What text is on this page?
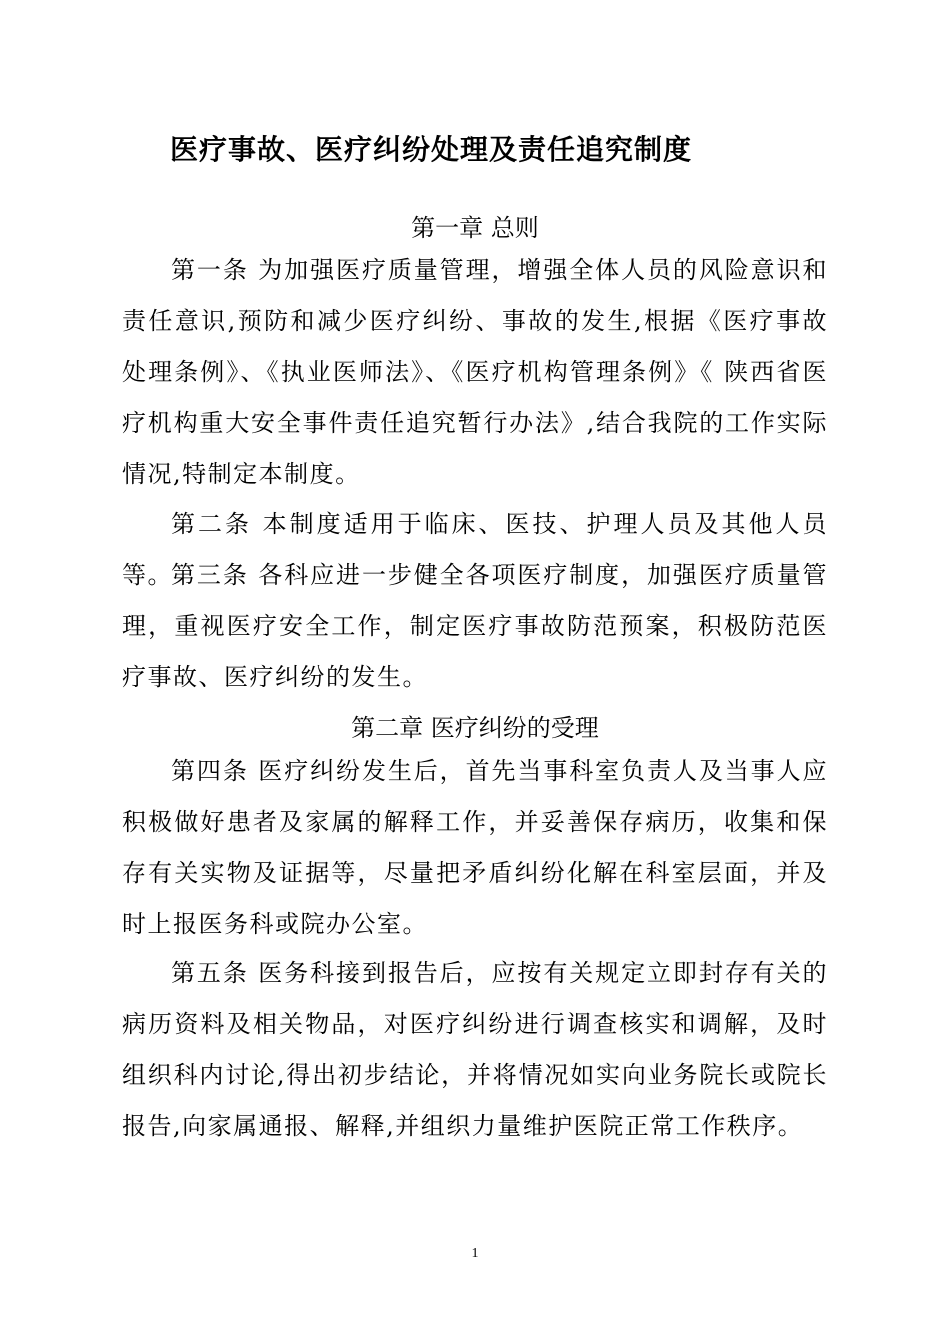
医疗事故、医疗纠纷处理及责任追究制度
第一章 总则
第一条 为加强医疗质量管理，增强全体人员的风险意识和责任意识,预防和减少医疗纠纷、事故的发生,根据《医疗事故处理条例》、《执业医师法》、《医疗机构管理条例》《 陕西省医疗机构重大安全事件责任追究暂行办法》,结合我院的工作实际情况,特制定本制度。
第二条 本制度适用于临床、医技、护理人员及其他人员等。
第三条 各科应进一步健全各项医疗制度，加强医疗质量管理，重视医疗安全工作，制定医疗事故防范预案，积极防范医疗事故、医疗纠纷的发生。
第二章 医疗纠纷的受理
第四条 医疗纠纷发生后，首先当事科室负责人及当事人应积极做好患者及家属的解释工作，并妥善保存病历，收集和保存有关实物及证据等，尽量把矛盾纠纷化解在科室层面，并及时上报医务科或院办公室。
第五条 医务科接到报告后，应按有关规定立即封存有关的病历资料及相关物品，对医疗纠纷进行调查核实和调解，及时组织科内讨论,得出初步结论，并将情况如实向业务院长或院长报告,向家属通报、解释,并组织力量维护医院正常工作秩序。
1
